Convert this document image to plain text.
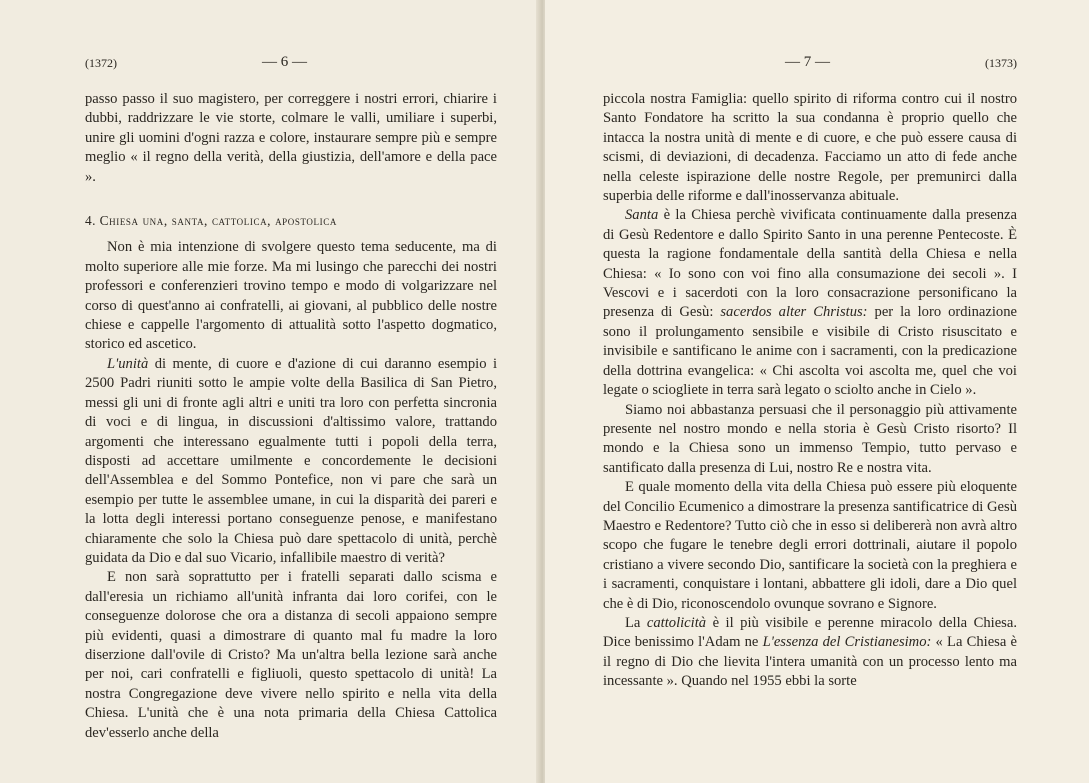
(1372)	— 6 —

passo passo il suo magistero, per correggere i nostri errori, chiarire i dubbi, raddrizzare le vie storte, colmare le valli, umiliare i superbi, unire gli uomini d'ogni razza e colore, instaurare sempre più e sempre meglio « il regno della verità, della giustizia, dell'amore e della pace ».

4. Chiesa una, santa, cattolica, apostolica

Non è mia intenzione di svolgere questo tema seducente, ma di molto superiore alle mie forze. Ma mi lusingo che parecchi dei nostri professori e conferenzieri trovino tempo e modo di volgarizzare nel corso di quest'anno ai confratelli, ai giovani, al pubblico delle nostre chiese e cappelle l'argomento di attualità sotto l'aspetto dogmatico, storico ed ascetico.

L'unità di mente, di cuore e d'azione di cui daranno esempio i 2500 Padri riuniti sotto le ampie volte della Basilica di San Pietro, messi gli uni di fronte agli altri e uniti tra loro con perfetta sincronia di voci e di lingua, in discussioni d'altissimo valore, trattando argomenti che interessano egualmente tutti i popoli della terra, disposti ad accettare umilmente e concordemente le decisioni dell'Assemblea e del Sommo Pontefice, non vi pare che sarà un esempio per tutte le assemblee umane, in cui la disparità dei pareri e la lotta degli interessi portano conseguenze penose, e manifestano chiaramente che solo la Chiesa può dare spettacolo di unità, perchè guidata da Dio e dal suo Vicario, infallibile maestro di verità?

E non sarà soprattutto per i fratelli separati dallo scisma e dall'eresia un richiamo all'unità infranta dai loro corifei, con le conseguenze dolorose che ora a distanza di secoli appaiono sempre più evidenti, quasi a dimostrare di quanto mal fu madre la loro diserzione dall'ovile di Cristo? Ma un'altra bella lezione sarà anche per noi, cari confratelli e figliuoli, questo spettacolo di unità! La nostra Congregazione deve vivere nello spirito e nella vita della Chiesa. L'unità che è una nota primaria della Chiesa Cattolica dev'esserlo anche della

— 7 —	(1373)

piccola nostra Famiglia: quello spirito di riforma contro cui il nostro Santo Fondatore ha scritto la sua condanna è proprio quello che intacca la nostra unità di mente e di cuore, e che può essere causa di scismi, di deviazioni, di decadenza. Facciamo un atto di fede anche nella celeste ispirazione delle nostre Regole, per premunirci dalla superbia delle riforme e dall'inosservanza abituale.

Santa è la Chiesa perchè vivificata continuamente dalla presenza di Gesù Redentore e dallo Spirito Santo in una perenne Pentecoste. È questa la ragione fondamentale della santità della Chiesa e nella Chiesa: « Io sono con voi fino alla consumazione dei secoli ». I Vescovi e i sacerdoti con la loro consacrazione personificano la presenza di Gesù: sacerdos alter Christus: per la loro ordinazione sono il prolungamento sensibile e visibile di Cristo risuscitato e invisibile e santificano le anime con i sacramenti, con la predicazione della dottrina evangelica: « Chi ascolta voi ascolta me, quel che voi legate o sciogliete in terra sarà legato o sciolto anche in Cielo ».

Siamo noi abbastanza persuasi che il personaggio più attivamente presente nel nostro mondo e nella storia è Gesù Cristo risorto? Il mondo e la Chiesa sono un immenso Tempio, tutto pervaso e santificato dalla presenza di Lui, nostro Re e nostra vita.

E quale momento della vita della Chiesa può essere più eloquente del Concilio Ecumenico a dimostrare la presenza santificatrice di Gesù Maestro e Redentore? Tutto ciò che in esso si delibererà non avrà altro scopo che fugare le tenebre degli errori dottrinali, aiutare il popolo cristiano a vivere secondo Dio, santificare la società con la preghiera e i sacramenti, conquistare i lontani, abbattere gli idoli, dare a Dio quel che è di Dio, riconoscendolo ovunque sovrano e Signore.

La cattolicità è il più visibile e perenne miracolo della Chiesa. Dice benissimo l'Adam ne L'essenza del Cristianesimo: « La Chiesa è il regno di Dio che lievita l'intera umanità con un processo lento ma incessante ». Quando nel 1955 ebbi la sorte
